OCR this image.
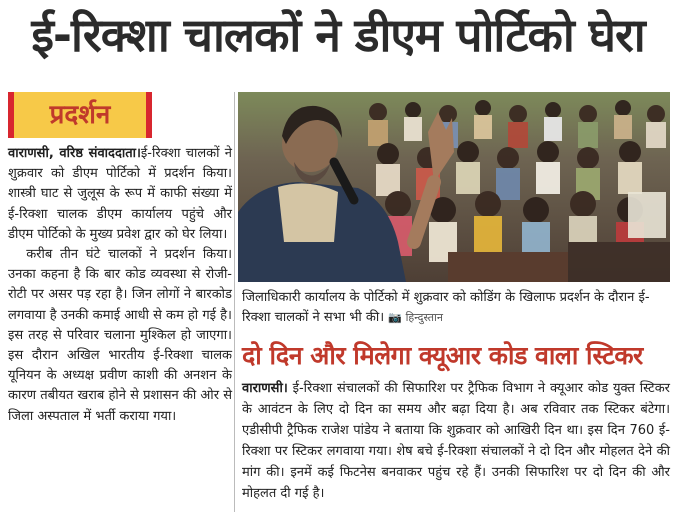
ई-रिक्शा चालकों ने डीएम पोर्टिको घेरा
प्रदर्शन

वाराणसी, वरिष्ठ संवाददाता।ई-रिक्शा चालकों ने शुक्रवार को डीएम पोर्टिको में प्रदर्शन किया। शास्त्री घाट से जुलूस के रूप में काफी संख्या में ई-रिक्शा चालक डीएम कार्यालय पहुंचे और डीएम पोर्टिको के मुख्य प्रवेश द्वार को घेर लिया।

करीब तीन घंटे चालकों ने प्रदर्शन किया। उनका कहना है कि बार कोड व्यवस्था से रोजी-रोटी पर असर पड़ रहा है। जिन लोगों ने बारकोड लगवाया है उनकी कमाई आधी से कम हो गई है। इस तरह से परिवार चलाना मुश्किल हो जाएगा। इस दौरान अखिल भारतीय ई-रिक्शा चालक यूनियन के अध्यक्ष प्रवीण काशी की अनशन के कारण तबीयत खराब होने से प्रशासन की ओर से जिला अस्पताल में भर्ती कराया गया।

जिलाधिकारी कार्यालय के पोर्टिको में शुक्रवार को कोडिंग के खिलाफ प्रदर्शन के दौरान ई-रिक्शा चालकों ने सभा भी की। 📷 हिन्दुस्तान
दो दिन और मिलेगा क्यूआर कोड वाला स्टिकर

वाराणसी। ई-रिक्शा संचालकों की सिफारिश पर ट्रैफिक विभाग ने क्यूआर कोड युक्त स्टिकर के आवंटन के लिए दो दिन का समय और बढ़ा दिया है। अब रविवार तक स्टिकर बंटेगा। एडीसीपी ट्रैफिक राजेश पांडेय ने बताया कि शुक्रवार को आखिरी दिन था। इस दिन 760 ई-रिक्शा पर स्टिकर लगवाया गया। शेष बचे ई-रिक्शा संचालकों ने दो दिन और मोहलत देने की मांग की। इनमें कई फिटनेस बनवाकर पहुंच रहे हैं। उनकी सिफारिश पर दो दिन की और मोहलत दी गई है।
